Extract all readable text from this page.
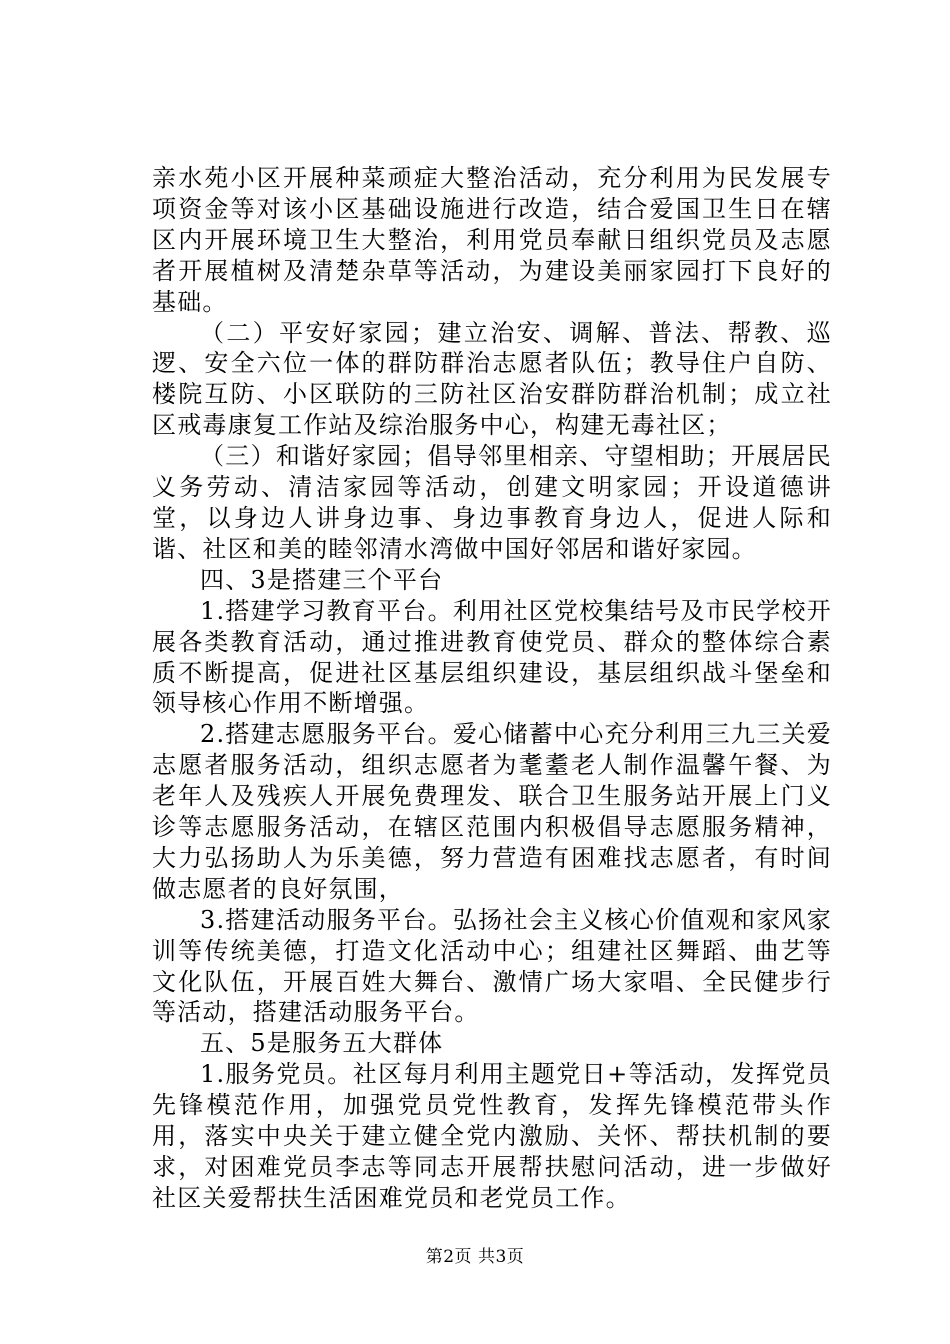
亲水苑小区开展种菜顽症大整治活动，充分利用为民发展专项资金等对该小区基础设施进行改造，结合爱国卫生日在辖区内开展环境卫生大整治，利用党员奉献日组织党员及志愿者开展植树及清楚杂草等活动，为建设美丽家园打下良好的基础。

（二）平安好家园；建立治安、调解、普法、帮教、巡逻、安全六位一体的群防群治志愿者队伍；教导住户自防、楼院互防、小区联防的三防社区治安群防群治机制；成立社区戒毒康复工作站及综治服务中心，构建无毒社区；

（三）和谐好家园；倡导邻里相亲、守望相助；开展居民义务劳动、清洁家园等活动，创建文明家园；开设道德讲堂，以身边人讲身边事、身边事教育身边人，促进人际和谐、社区和美的睦邻清水湾做中国好邻居和谐好家园。

四、3是搭建三个平台

1.搭建学习教育平台。利用社区党校集结号及市民学校开展各类教育活动，通过推进教育使党员、群众的整体综合素质不断提高，促进社区基层组织建设，基层组织战斗堡垒和领导核心作用不断增强。

2.搭建志愿服务平台。爱心储蓄中心充分利用三九三关爱志愿者服务活动，组织志愿者为耄耋老人制作温馨午餐、为老年人及残疾人开展免费理发、联合卫生服务站开展上门义诊等志愿服务活动，在辖区范围内积极倡导志愿服务精神，大力弘扬助人为乐美德，努力营造有困难找志愿者，有时间做志愿者的良好氛围，

3.搭建活动服务平台。弘扬社会主义核心价值观和家风家训等传统美德，打造文化活动中心；组建社区舞蹈、曲艺等文化队伍，开展百姓大舞台、激情广场大家唱、全民健步行等活动，搭建活动服务平台。

五、5是服务五大群体

1.服务党员。社区每月利用主题党日+等活动，发挥党员先锋模范作用，加强党员党性教育，发挥先锋模范带头作用，落实中央关于建立健全党内激励、关怀、帮扶机制的要求，对困难党员李志等同志开展帮扶慰问活动，进一步做好社区关爱帮扶生活困难党员和老党员工作。

第2页 共3页
